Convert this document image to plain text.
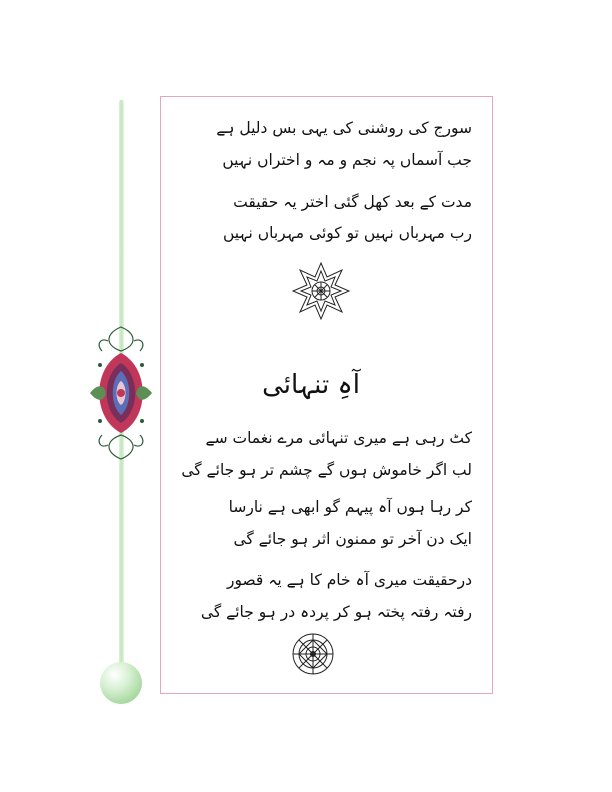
سورج کی روشنی کی یہی بس دلیل ہے
جب آسماں پہ نجم و مہ و اختراں نہیں
مدت کے بعد کھل گئی اختر یہ حقیقت
رب مہرباں نہیں تو کوئی مہرباں نہیں
آہِ تنہائی
کٹ رہی ہے میری تنہائی مرے نغمات سے
لب اگر خاموش ہوں گے چشم تر ہو جائے گی
کر رہا ہوں آہ پیہم گو ابھی ہے نارسا
ایک دن آخر تو ممنون اثر ہو جائے گی
درحقیقت میری آہ خام کا ہے یہ قصور
رفتہ رفتہ پختہ ہو کر پردہ در ہو جائے گی
